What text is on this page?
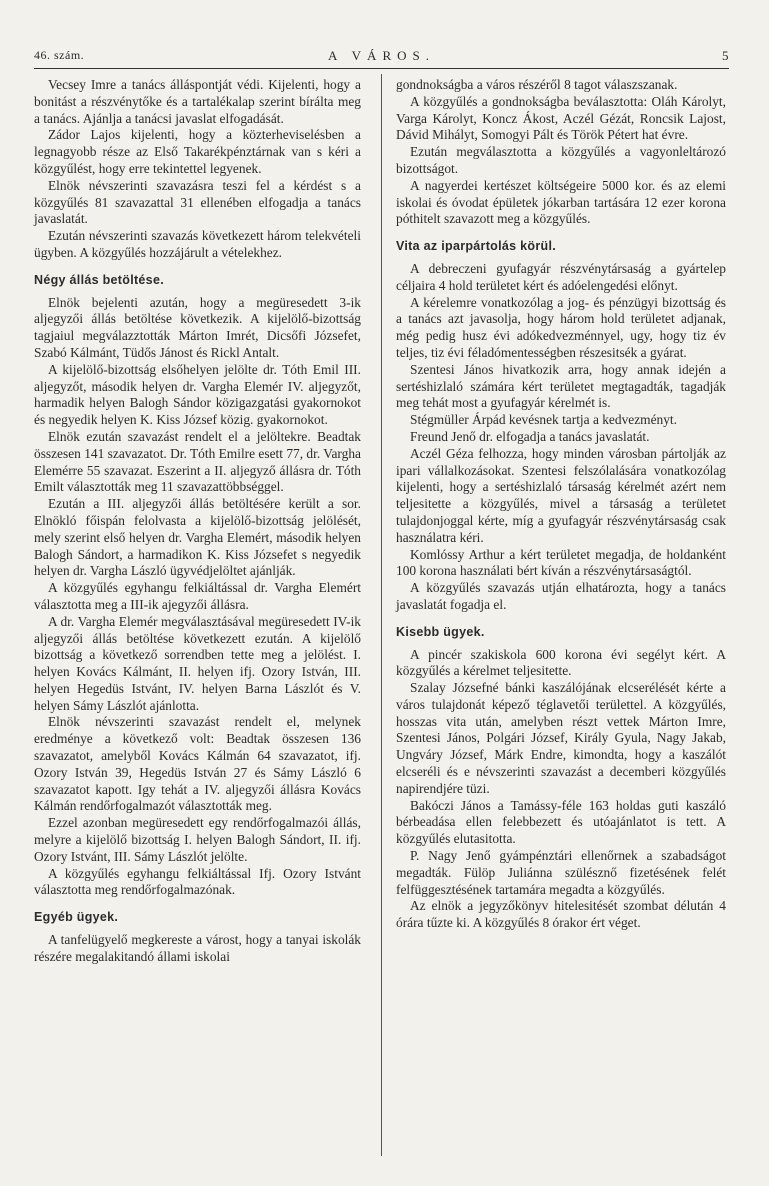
46. szám.	A VÁROS.	5

Vecsey Imre a tanács álláspontját védi. Kijelenti, hogy a bonitást a részvénytőke és a tartalékalap szerint bírálta meg a tanács. Ajánlja a tanácsi javaslat elfogadását.

Zádor Lajos kijelenti, hogy a közterheviselésben a legnagyobb része az Első Takarékpénztárnak van s kéri a közgyűlést, hogy erre tekintettel legyenek.

Elnök névszerinti szavazásra teszi fel a kérdést s a közgyűlés 81 szavazattal 31 ellenében elfogadja a tanács javaslatát.

Ezután névszerinti szavazás következett három telekvételi ügyben. A közgyűlés hozzájárult a vételekhez.

Négy állás betöltése.

Elnök bejelenti azután, hogy a megüresedett 3-ik aljegyzői állás betöltése következik. A kijelölő-bizottság tagjaiul megválazztották Márton Imrét, Dicsőfi Józsefet, Szabó Kálmánt, Tüdős Jánost és Rickl Antalt.

A kijelölő-bizottság elsőhelyen jelölte dr. Tóth Emil III. aljegyzőt, második helyen dr. Vargha Elemér IV. aljegyzőt, harmadik helyen Balogh Sándor közigazgatási gyakornokot és negyedik helyen K. Kiss József közig. gyakornokot.

Elnök ezután szavazást rendelt el a jelöltekre. Beadtak összesen 141 szavazatot. Dr. Tóth Emilre esett 77, dr. Vargha Elemérre 55 szavazat. Eszerint a II. aljegyző állásra dr. Tóth Emilt választották meg 11 szavazattöbbséggel.

Ezután a III. aljegyzői állás betöltésére került a sor. Elnökló főispán felolvasta a kijelölő-bizottság jelölését, mely szerint első helyen dr. Vargha Elemért, második helyen Balogh Sándort, a harmadikon K. Kiss Józsefet s negyedik helyen dr. Vargha László ügyvédjelöltet ajánlják.

A közgyűlés egyhangu felkiáltással dr. Vargha Elemért választotta meg a III-ik ajegyzői állásra.

A dr. Vargha Elemér megválasztásával megüresedett IV-ik aljegyzői állás betöltése következett ezután. A kijelölő bizottság a következő sorrendben tette meg a jelölést. I. helyen Kovács Kálmánt, II. helyen ifj. Ozory István, III. helyen Hegedüs Istvánt, IV. helyen Barna Lászlót és V. helyen Sámy Lászlót ajánlotta.

Elnök névszerinti szavazást rendelt el, melynek eredménye a következő volt: Beadtak összesen 136 szavazatot, amelyből Kovács Kálmán 64 szavazatot, ifj. Ozory István 39, Hegedüs István 27 és Sámy László 6 szavazatot kapott. Igy tehát a IV. aljegyzői állásra Kovács Kálmán rendőrfogalmazót választották meg.

Ezzel azonban megüresedett egy rendőrfogalmazói állás, melyre a kijelölő bizottság I. helyen Balogh Sándort, II. ifj. Ozory Istvánt, III. Sámy Lászlót jelölte.

A közgyűlés egyhangu felkiáltással Ifj. Ozory Istvánt választotta meg rendőrfogalmazónak.

Egyéb ügyek.

A tanfelügyelő megkereste a várost, hogy a tanyai iskolák részére megalakitandó állami iskolai

gondnokságba a város részéről 8 tagot válaszszanak.

A közgyűlés a gondnokságba beválasztotta: Oláh Károlyt, Varga Károlyt, Koncz Ákost, Aczél Gézát, Roncsik Lajost, Dávid Mihályt, Somogyi Pált és Török Pétert hat évre.

Ezután megválasztotta a közgyűlés a vagyonleltározó bizottságot.

A nagyerdei kertészet költségeire 5000 kor. és az elemi iskolai és óvodat épületek jókarban tartására 12 ezer korona póthitelt szavazott meg a közgyűlés.

Vita az iparpártolás körül.

A debreczeni gyufagyár részvénytársaság a gyártelep céljaira 4 hold területet kért és adóelengedési előnyt.

A kérelemre vonatkozólag a jog- és pénzügyi bizottság és a tanács azt javasolja, hogy három hold területet adjanak, még pedig husz évi adókedvezménnyel, ugy, hogy tiz év teljes, tiz évi féladómentességben részesitsék a gyárat.

Szentesi János hivatkozik arra, hogy annak idején a sertéshizlaló számára kért területet megtagadták, tagadják meg tehát most a gyufagyár kérelmét is.

Stégmüller Árpád kevésnek tartja a kedvezményt.

Freund Jenő dr. elfogadja a tanács javaslatát.

Aczél Géza felhozza, hogy minden városban pártolják az ipari vállalkozásokat. Szentesi felszólalására vonatkozólag kijelenti, hogy a sertéshizlaló társaság kérelmét azért nem teljesitette a közgyűlés, mivel a társaság a területet tulajdonjoggal kérte, míg a gyufagyár részvénytársaság csak használatra kéri.

Komlóssy Arthur a kért területet megadja, de holdanként 100 korona használati bért kíván a részvénytársaságtól.

A közgyűlés szavazás utján elhatározta, hogy a tanács javaslatát fogadja el.

Kisebb ügyek.

A pincér szakiskola 600 korona évi segélyt kért. A közgyűlés a kérelmet teljesitette.

Szalay Józsefné bánki kaszálójának elcserélését kérte a város tulajdonát képező téglavetői területtel. A közgyűlés, hosszas vita után, amelyben részt vettek Márton Imre, Szentesi János, Polgári József, Király Gyula, Nagy Jakab, Ungváry József, Márk Endre, kimondta, hogy a kaszálót elcseréli és e névszerinti szavazást a decemberi közgyűlés napirendjére tüzi.

Bakóczi János a Tamássy-féle 163 holdas guti kaszáló bérbeadása ellen felebbezett és utóajánlatot is tett. A közgyűlés elutasitotta.

P. Nagy Jenő gyámpénztári ellenőrnek a szabadságot megadták. Fülöp Juliánna szülésznő fizetésének felét felfüggesztésének tartamára megadta a közgyűlés.

Az elnök a jegyzőkönyv hitelesitését szombat délután 4 órára tűzte ki. A közgyűlés 8 órakor ért véget.
